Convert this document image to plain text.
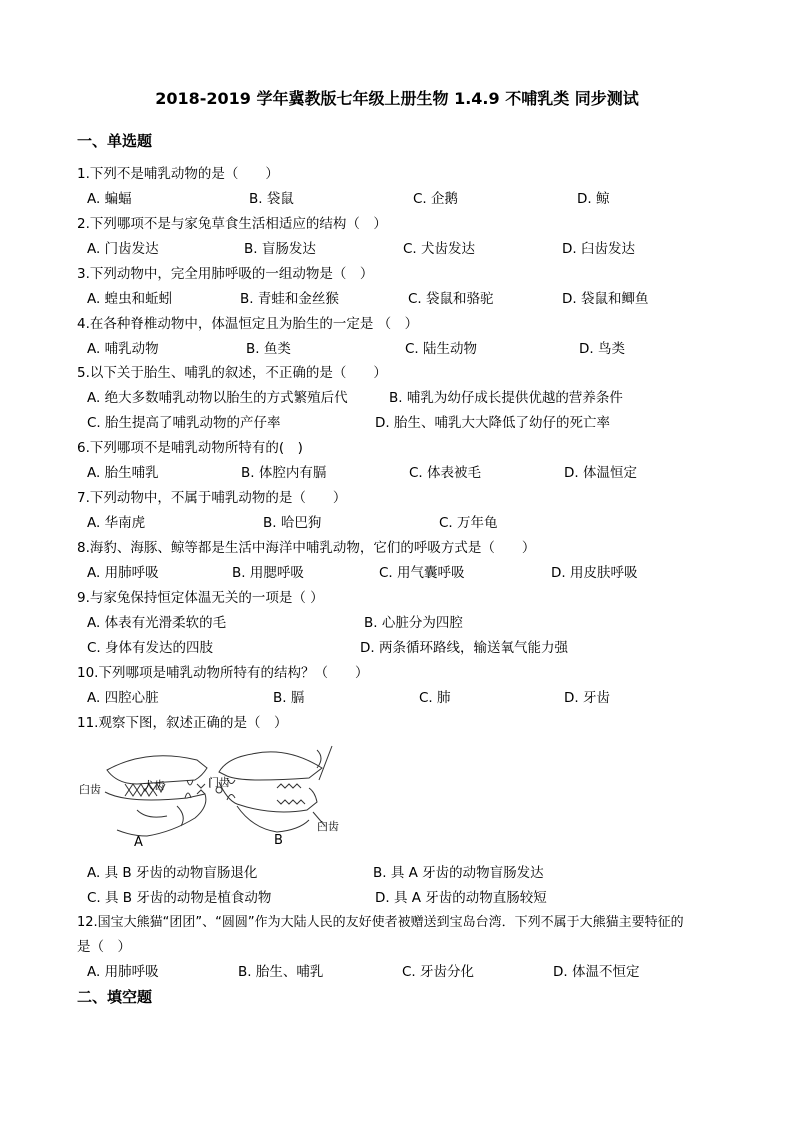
2018-2019 学年冀教版七年级上册生物 1.4.9 不哺乳类 同步测试
一、单选题
1.下列不是哺乳动物的是（　　）
A. 蝙蝠	B. 袋鼠	C. 企鹅	D. 鲸
2.下列哪项不是与家兔草食生活相适应的结构（　）
A. 门齿发达	B. 盲肠发达	C. 犬齿发达	D. 臼齿发达
3.下列动物中，完全用肺呼吸的一组动物是（　）
A. 蝗虫和蚯蚓	B. 青蛙和金丝猴	C. 袋鼠和骆驼	D. 袋鼠和鲫鱼
4.在各种脊椎动物中，体温恒定且为胎生的一定是 （　）
A. 哺乳动物	B. 鱼类	C. 陆生动物	D. 鸟类
5.以下关于胎生、哺乳的叙述，不正确的是（　　）
A. 绝大多数哺乳动物以胎生的方式繁殖后代	B. 哺乳为幼仔成长提供优越的营养条件
C. 胎生提高了哺乳动物的产仔率	D. 胎生、哺乳大大降低了幼仔的死亡率
6.下列哪项不是哺乳动物所特有的(　)
A. 胎生哺乳	B. 体腔内有膈	C. 体表被毛	D. 体温恒定
7.下列动物中，不属于哺乳动物的是（　　）
A. 华南虎	B. 哈巴狗	C. 万年龟
8.海豹、海豚、鲸等都是生活中海洋中哺乳动物，它们的呼吸方式是（　　）
A. 用肺呼吸	B. 用腮呼吸	C. 用气囊呼吸	D. 用皮肤呼吸
9.与家兔保持恒定体温无关的一项是（ ）
A. 体表有光滑柔软的毛	B. 心脏分为四腔
C. 身体有发达的四肢	D. 两条循环路线，输送氧气能力强
10.下列哪项是哺乳动物所特有的结构？（　　）
A. 四腔心脏	B. 膈	C. 肺	D. 牙齿
11.观察下图，叙述正确的是（　）
臼齿	犬齿	门齿
臼齿
A	B
A. 具 B 牙齿的动物盲肠退化	B. 具 A 牙齿的动物盲肠发达
C. 具 B 牙齿的动物是植食动物	D. 具 A 牙齿的动物直肠较短
12.国宝大熊猫“团团”、“圆圆”作为大陆人民的友好使者被赠送到宝岛台湾．下列不属于大熊猫主要特征的
是（　）
A. 用肺呼吸	B. 胎生、哺乳	C. 牙齿分化	D. 体温不恒定
二、填空题
